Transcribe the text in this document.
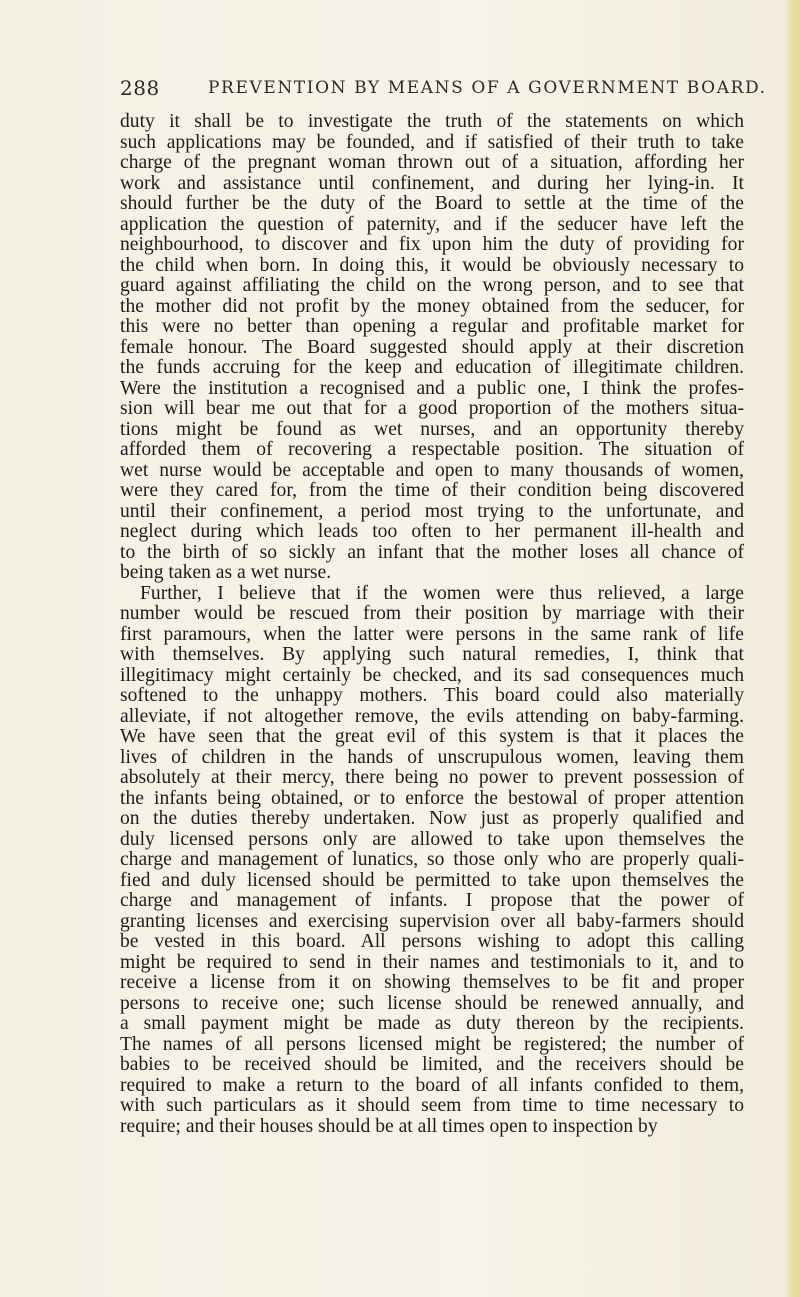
288	PREVENTION BY MEANS OF A GOVERNMENT BOARD.
duty it shall be to investigate the truth of the statements on which
such applications may be founded, and if satisfied of their truth to take
charge of the pregnant woman thrown out of a situation, affording her
work and assistance until confinement, and during her lying-in. It
should further be the duty of the Board to settle at the time of the
application the question of paternity, and if the seducer have left the
neighbourhood, to discover and fix upon him the duty of providing for
the child when born. In doing this, it would be obviously necessary to
guard against affiliating the child on the wrong person, and to see that
the mother did not profit by the money obtained from the seducer, for
this were no better than opening a regular and profitable market for
female honour. The Board suggested should apply at their discretion
the funds accruing for the keep and education of illegitimate children.
Were the institution a recognised and a public one, I think the profes-
sion will bear me out that for a good proportion of the mothers situa-
tions might be found as wet nurses, and an opportunity thereby
afforded them of recovering a respectable position. The situation of
wet nurse would be acceptable and open to many thousands of women,
were they cared for, from the time of their condition being discovered
until their confinement, a period most trying to the unfortunate, and
neglect during which leads too often to her permanent ill-health and
to the birth of so sickly an infant that the mother loses all chance of
being taken as a wet nurse.
Further, I believe that if the women were thus relieved, a large
number would be rescued from their position by marriage with their
first paramours, when the latter were persons in the same rank of life
with themselves. By applying such natural remedies, I, think that
illegitimacy might certainly be checked, and its sad consequences much
softened to the unhappy mothers. This board could also materially
alleviate, if not altogether remove, the evils attending on baby-farming.
We have seen that the great evil of this system is that it places the
lives of children in the hands of unscrupulous women, leaving them
absolutely at their mercy, there being no power to prevent possession of
the infants being obtained, or to enforce the bestowal of proper attention
on the duties thereby undertaken. Now just as properly qualified and
duly licensed persons only are allowed to take upon themselves the
charge and management of lunatics, so those only who are properly quali-
fied and duly licensed should be permitted to take upon themselves the
charge and management of infants. I propose that the power of
granting licenses and exercising supervision over all baby-farmers should
be vested in this board. All persons wishing to adopt this calling
might be required to send in their names and testimonials to it, and to
receive a license from it on showing themselves to be fit and proper
persons to receive one; such license should be renewed annually, and
a small payment might be made as duty thereon by the recipients.
The names of all persons licensed might be registered; the number of
babies to be received should be limited, and the receivers should be
required to make a return to the board of all infants confided to them,
with such particulars as it should seem from time to time necessary to
require; and their houses should be at all times open to inspection by
